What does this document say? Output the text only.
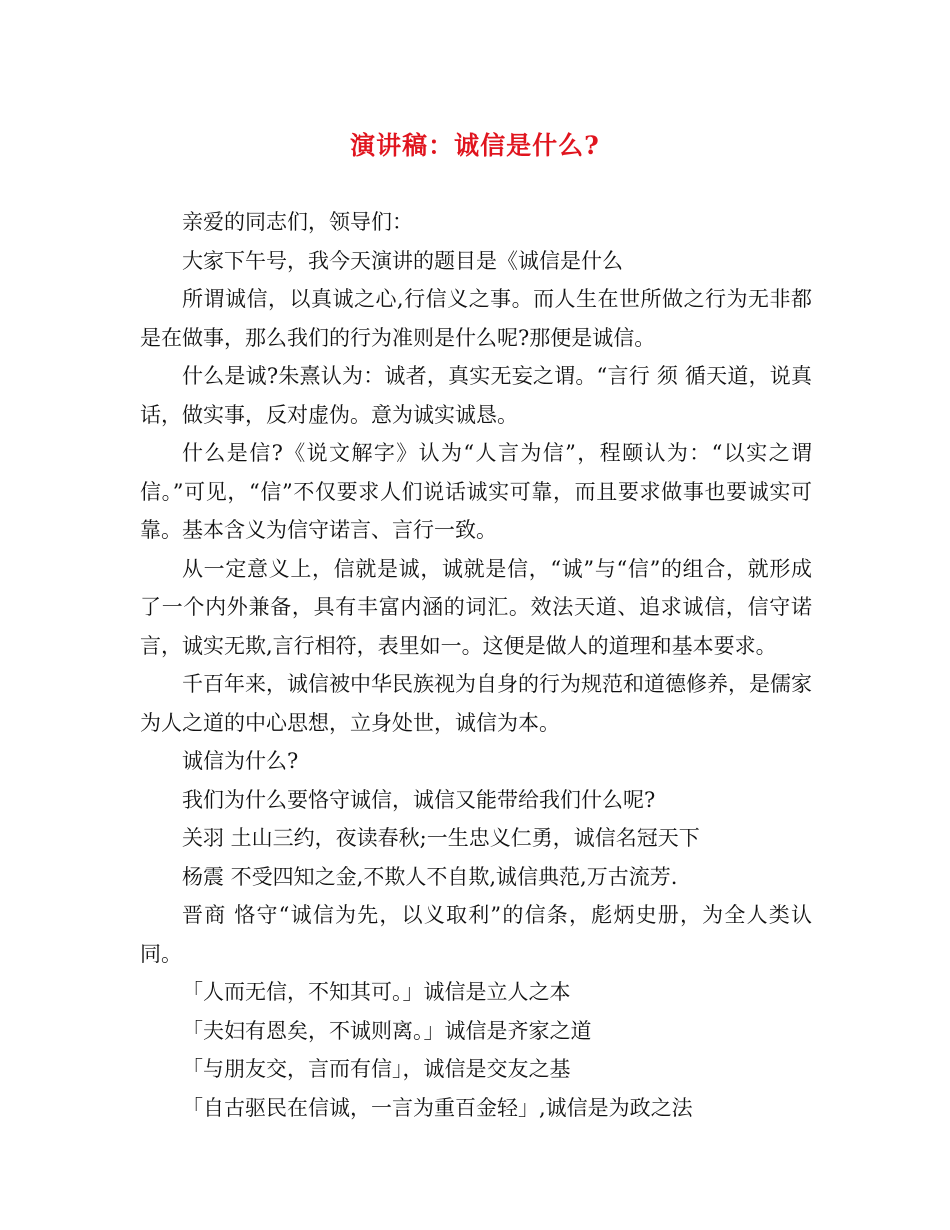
演讲稿：诚信是什么?

亲爱的同志们，领导们：

大家下午号，我今天演讲的题目是《诚信是什么

所谓诚信，以真诚之心,行信义之事。而人生在世所做之行为无非都是在做事，那么我们的行为准则是什么呢?那便是诚信。

什么是诚?朱熹认为：诚者，真实无妄之谓。“言行 须 循天道，说真话，做实事，反对虚伪。意为诚实诚恳。

什么是信?《说文解字》认为“人言为信”，程颐认为：“以实之谓信。”可见，“信”不仅要求人们说话诚实可靠，而且要求做事也要诚实可靠。基本含义为信守诺言、言行一致。

从一定意义上，信就是诚，诚就是信，“诚”与“信”的组合，就形成了一个内外兼备，具有丰富内涵的词汇。效法天道、追求诚信，信守诺言，诚实无欺,言行相符，表里如一。这便是做人的道理和基本要求。

千百年来，诚信被中华民族视为自身的行为规范和道德修养，是儒家为人之道的中心思想，立身处世，诚信为本。

诚信为什么?

我们为什么要恪守诚信，诚信又能带给我们什么呢?

关羽 土山三约，夜读春秋;一生忠义仁勇，诚信名冠天下

杨震 不受四知之金,不欺人不自欺,诚信典范,万古流芳.

晋商 恪守“诚信为先，以义取利”的信条，彪炳史册，为全人类认同。

「人而无信，不知其可。」诚信是立人之本

「夫妇有恩矣，不诚则离。」诚信是齐家之道

「与朋友交，言而有信」，诚信是交友之基

「自古驱民在信诚，一言为重百金轻」,诚信是为政之法
